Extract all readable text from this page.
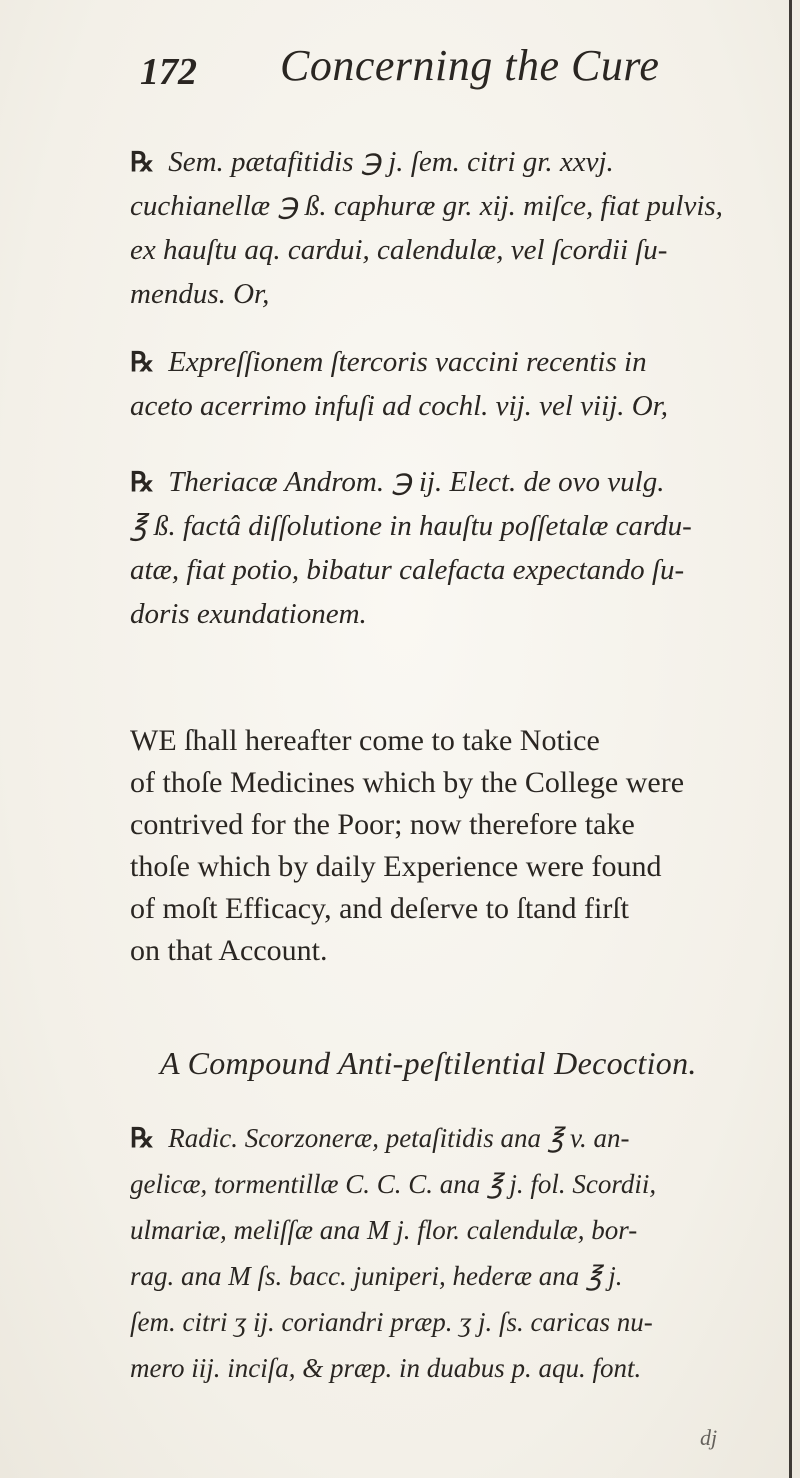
172 Concerning the Cure
℞ Sem. pætafitidis ℈ j. ſem. citri gr. xxvj.
cuchianellæ ℈ ß. caphuræ gr. xij. miſce, fiat pulvis,
ex hauſtu aq. cardui, calendulæ, vel ſcordii ſu-
mendus. Or,
℞ Expreſſionem ſtercoris vaccini recentis in
aceto acerrimo infuſi ad cochl. vij. vel viij. Or,
℞ Theriacæ Androm. ℈ ij. Elect. de ovo vulg.
℥ ß. factâ diſſolutione in hauſtu poſſetalæ cardu-
atæ, fiat potio, bibatur calefacta expectando ſu-
doris exundationem.
WE ſhall hereafter come to take Notice
of thoſe Medicines which by the College were
contrived for the Poor; now therefore take
thoſe which by daily Experience were found
of moſt Efficacy, and deſerve to ſtand firſt
on that Account.
A Compound Anti-peſtilential Decoction.
℞ Radic. Scorzoneræ, petaſitidis ana ℥ v. an-
gelicæ, tormentillæ C. C. C. ana ℥ j. fol. Scordii,
ulmariæ, meliſſæ ana M j. flor. calendulæ, bor-
rag. ana M ſs. bacc. juniperi, hederæ ana ℥ j.
ſem. citri ʒ ij. coriandri præp. ʒ j. ſs. caricas nu-
mero iij. inciſa, & præp. in duabus p. aqu. font.
dj
